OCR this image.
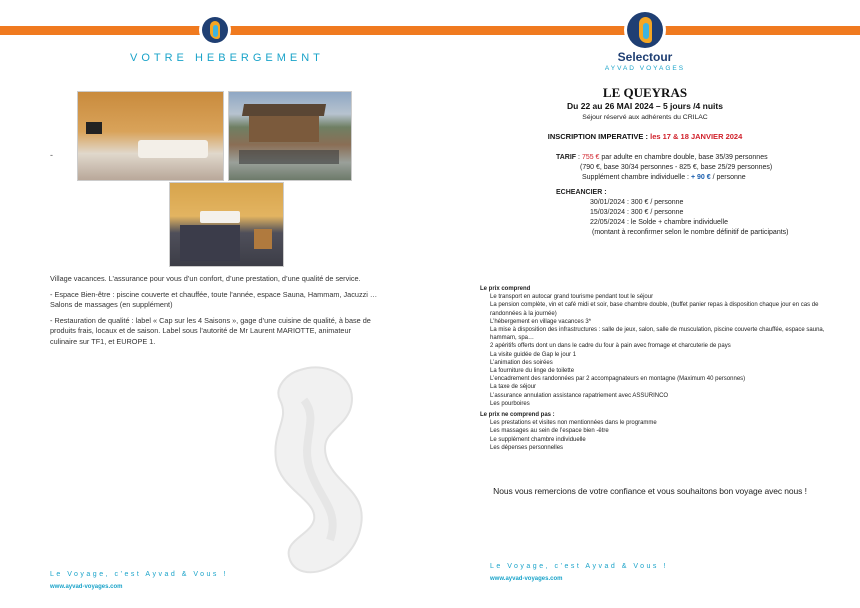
VOTRE HEBERGEMENT
-

Village vacances. L’assurance pour vous d’un confort, d’une prestation, d’une qualité de service.

- Espace Bien-être : piscine couverte et chauffée, toute l’année, espace Sauna, Hammam, Jacuzzi … Salons de massages (en supplément)

- Restauration de qualité : label « Cap sur les 4 Saisons », gage d’une cuisine de qualité, à base de produits frais, locaux et de saison. Label sous l’autorité de Mr Laurent MARIOTTE, animateur culinaire sur TF1, et EUROPE 1.

Le Voyage, c’est Ayvad & Vous !
www.ayvad-voyages.com
Selectour
AYVAD VOYAGES
LE QUEYRAS
Du 22 au 26 MAI 2024 – 5 jours /4 nuits
Séjour réservé aux adhérents du CRILAC
INSCRIPTION IMPERATIVE : les 17 & 18 JANVIER 2024
TARIF : 755 € par adulte en chambre double, base 35/39 personnes
(790 €, base 30/34 personnes - 825 €, base 25/29 personnes)
Supplément chambre individuelle : + 90 € / personne
ECHEANCIER :
30/01/2024 : 300 € / personne
15/03/2024 : 300 € / personne
22/05/2024 : le Solde + chambre individuelle
(montant à reconfirmer selon le nombre définitif de participants)
Le prix comprend
Le transport en autocar grand tourisme pendant tout le séjour
La pension complète, vin et café midi et soir, base chambre double, (buffet panier repas à disposition chaque jour en cas de randonnées à la journée)
L’hébergement en village vacances 3*
La mise à disposition des infrastructures : salle de jeux, salon, salle de musculation, piscine couverte chauffée, espace sauna, hammam, spa…
2 apéritifs offerts dont un dans le cadre du four à pain avec fromage et charcuterie de pays
La visite guidée de Gap le jour 1
L’animation des soirées
La fourniture du linge de toilette
L’encadrement des randonnées par 2 accompagnateurs en montagne (Maximum 40 personnes)
La taxe de séjour
L’assurance annulation assistance rapatriement avec ASSURINCO
Les pourboires
Le prix ne comprend pas :
Les prestations et visites non mentionnées dans le programme
Les massages au sein de l’espace bien -être
Le supplément chambre individuelle
Les dépenses personnelles
Nous vous remercions de votre confiance et vous souhaitons bon voyage avec nous !
Le Voyage, c’est Ayvad & Vous !
www.ayvad-voyages.com
